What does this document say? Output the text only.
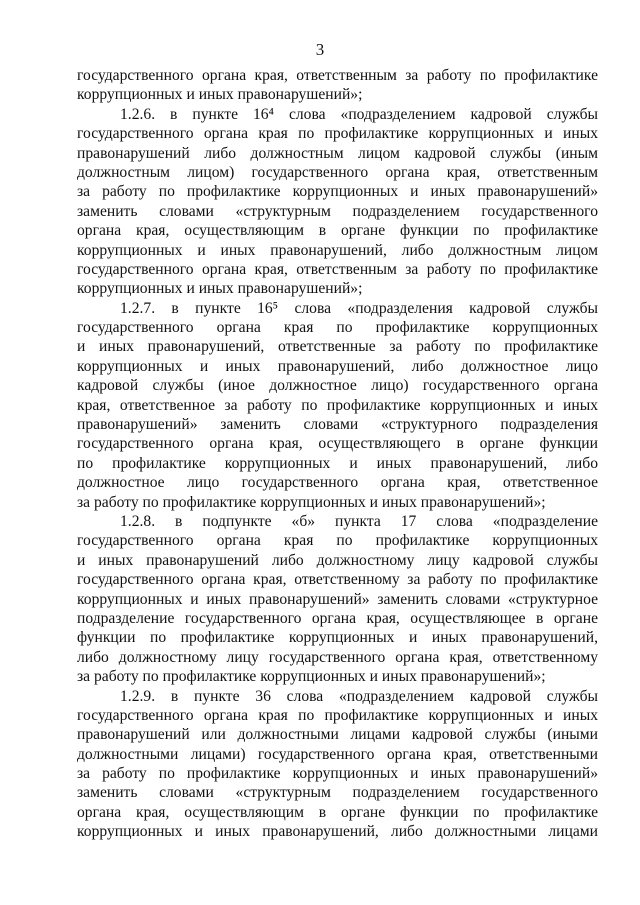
3
государственного органа края, ответственным за работу по профилактике
коррупционных и иных правонарушений»;
1.2.6. в пункте 16⁴ слова «подразделением кадровой службы
государственного органа края по профилактике коррупционных и иных
правонарушений либо должностным лицом кадровой службы (иным
должностным лицом) государственного органа края, ответственным
за работу по профилактике коррупционных и иных правонарушений»
заменить словами «структурным подразделением государственного
органа края, осуществляющим в органе функции по профилактике
коррупционных и иных правонарушений, либо должностным лицом
государственного органа края, ответственным за работу по профилактике
коррупционных и иных правонарушений»;
1.2.7. в пункте 16⁵ слова «подразделения кадровой службы
государственного органа края по профилактике коррупционных
и иных правонарушений, ответственные за работу по профилактике
коррупционных и иных правонарушений, либо должностное лицо
кадровой службы (иное должностное лицо) государственного органа
края, ответственное за работу по профилактике коррупционных и иных
правонарушений» заменить словами «структурного подразделения
государственного органа края, осуществляющего в органе функции
по профилактике коррупционных и иных правонарушений, либо
должностное лицо государственного органа края, ответственное
за работу по профилактике коррупционных и иных правонарушений»;
1.2.8. в подпункте «б» пункта 17 слова «подразделение
государственного органа края по профилактике коррупционных
и иных правонарушений либо должностному лицу кадровой службы
государственного органа края, ответственному за работу по профилактике
коррупционных и иных правонарушений» заменить словами «структурное
подразделение государственного органа края, осуществляющее в органе
функции по профилактике коррупционных и иных правонарушений,
либо должностному лицу государственного органа края, ответственному
за работу по профилактике коррупционных и иных правонарушений»;
1.2.9. в пункте 36 слова «подразделением кадровой службы
государственного органа края по профилактике коррупционных и иных
правонарушений или должностными лицами кадровой службы (иными
должностными лицами) государственного органа края, ответственными
за работу по профилактике коррупционных и иных правонарушений»
заменить словами «структурным подразделением государственного
органа края, осуществляющим в органе функции по профилактике
коррупционных и иных правонарушений, либо должностными лицами
